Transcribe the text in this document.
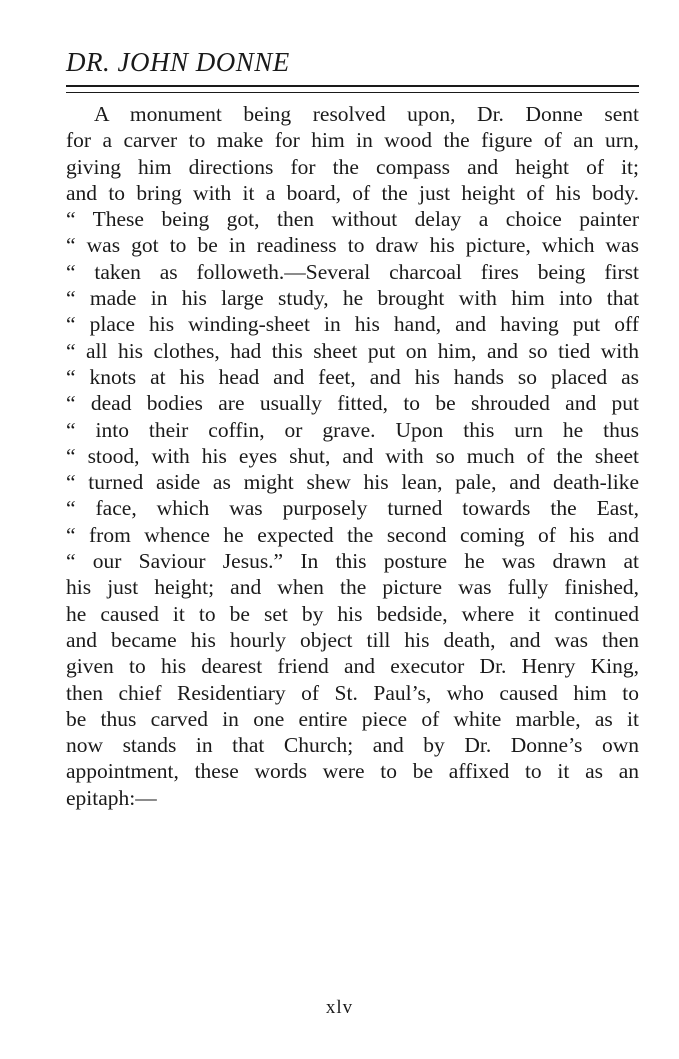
DR. JOHN DONNE
A monument being resolved upon, Dr. Donne sent
for a carver to make for him in wood the figure of an urn,
giving him directions for the compass and height of it;
and to bring with it a board, of the just height of his body.
“ These being got, then without delay a choice painter
“ was got to be in readiness to draw his picture, which was
“ taken as followeth.—Several charcoal fires being first
“ made in his large study, he brought with him into that
“ place his winding-sheet in his hand, and having put off
“ all his clothes, had this sheet put on him, and so tied with
“ knots at his head and feet, and his hands so placed as
“ dead bodies are usually fitted, to be shrouded and put
“ into their coffin, or grave. Upon this urn he thus
“ stood, with his eyes shut, and with so much of the sheet
“ turned aside as might shew his lean, pale, and death-like
“ face, which was purposely turned towards the East,
“ from whence he expected the second coming of his and
“ our Saviour Jesus.” In this posture he was drawn at
his just height; and when the picture was fully finished,
he caused it to be set by his bedside, where it continued
and became his hourly object till his death, and was then
given to his dearest friend and executor Dr. Henry King,
then chief Residentiary of St. Paul’s, who caused him to
be thus carved in one entire piece of white marble, as it
now stands in that Church; and by Dr. Donne’s own
appointment, these words were to be affixed to it as an
epitaph:—
xlv
